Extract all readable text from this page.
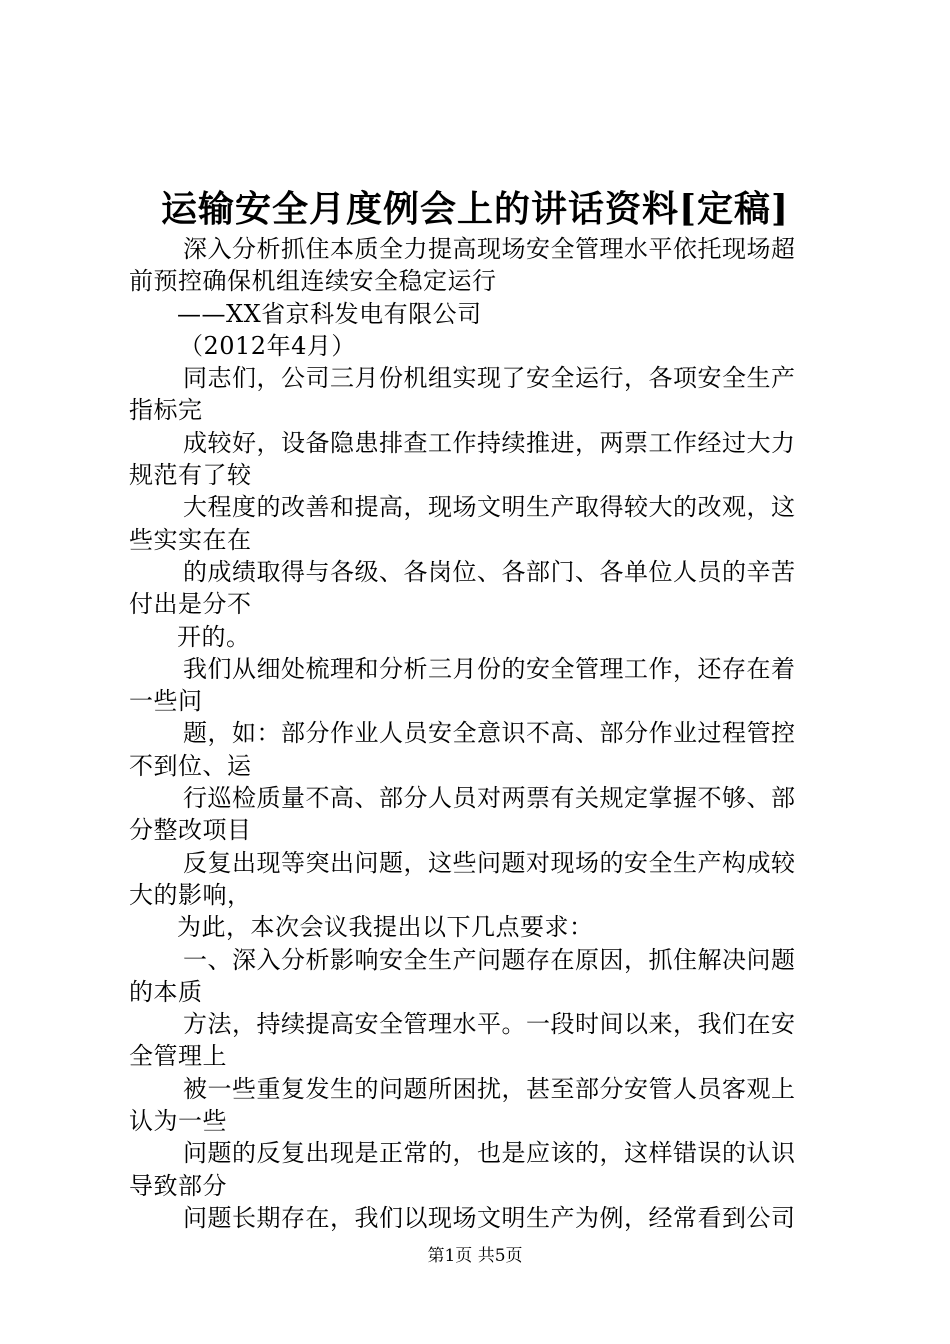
运输安全月度例会上的讲话资料[定稿]
深入分析抓住本质全力提高现场安全管理水平依托现场超
前预控确保机组连续安全稳定运行
——XX省京科发电有限公司
（2012年4月）
同志们，公司三月份机组实现了安全运行，各项安全生产
指标完
成较好，设备隐患排查工作持续推进，两票工作经过大力
规范有了较
大程度的改善和提高，现场文明生产取得较大的改观，这
些实实在在
的成绩取得与各级、各岗位、各部门、各单位人员的辛苦
付出是分不
开的。
我们从细处梳理和分析三月份的安全管理工作，还存在着
一些问
题，如：部分作业人员安全意识不高、部分作业过程管控
不到位、运
行巡检质量不高、部分人员对两票有关规定掌握不够、部
分整改项目
反复出现等突出问题，这些问题对现场的安全生产构成较
大的影响，
为此，本次会议我提出以下几点要求：
一、深入分析影响安全生产问题存在原因，抓住解决问题
的本质
方法，持续提高安全管理水平。一段时间以来，我们在安
全管理上
被一些重复发生的问题所困扰，甚至部分安管人员客观上
认为一些
问题的反复出现是正常的，也是应该的，这样错误的认识
导致部分
问题长期存在，我们以现场文明生产为例，经常看到公司
第1页 共5页
